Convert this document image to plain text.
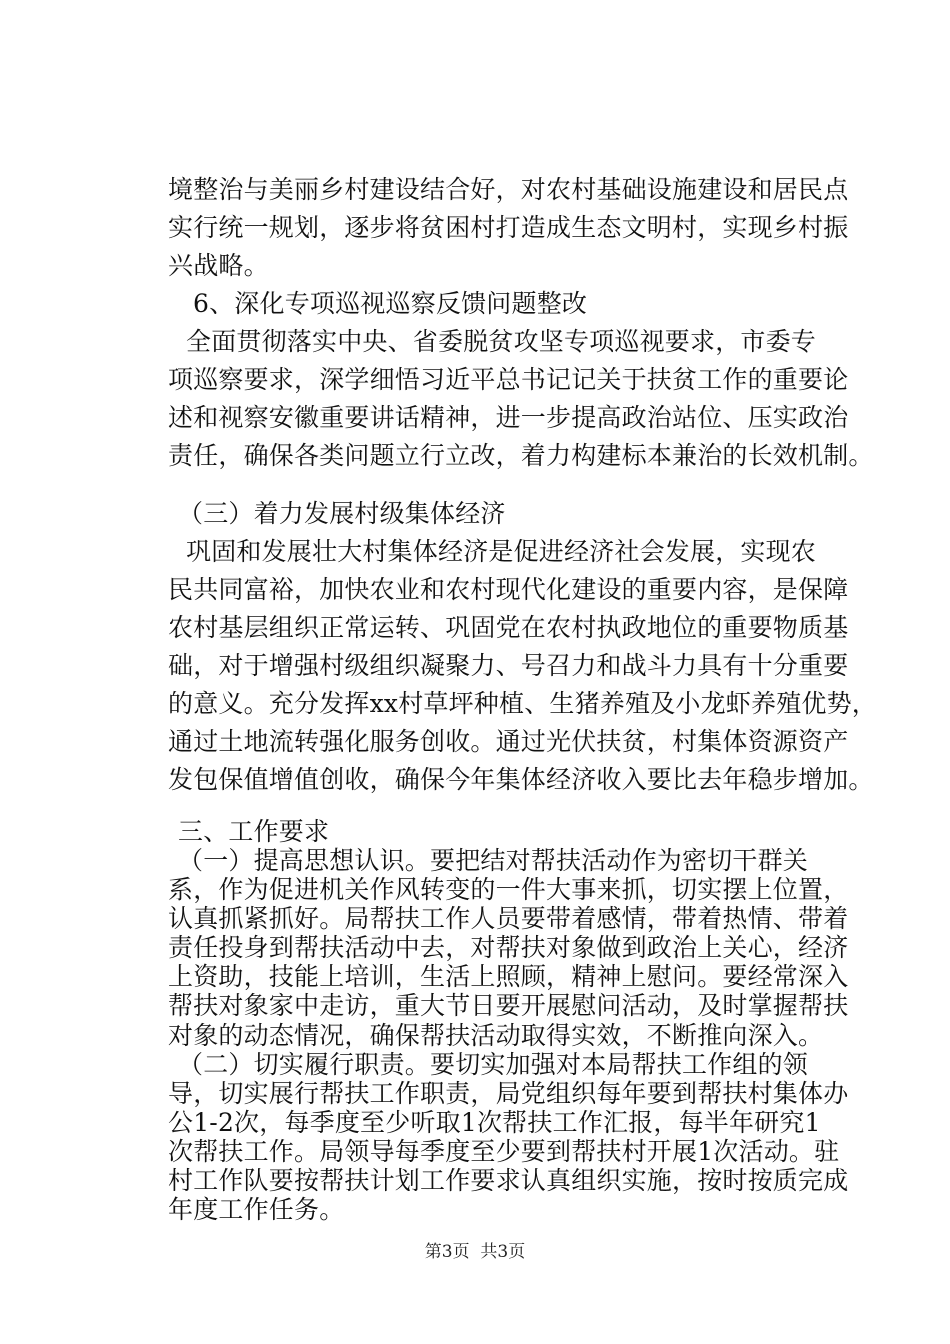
境整治与美丽乡村建设结合好，对农村基础设施建设和居民点
实行统一规划，逐步将贫困村打造成生态文明村，实现乡村振
兴战略。
6、深化专项巡视巡察反馈问题整改
全面贯彻落实中央、省委脱贫攻坚专项巡视要求，市委专
项巡察要求，深学细悟习近平总书记记关于扶贫工作的重要论
述和视察安徽重要讲话精神，进一步提高政治站位、压实政治
责任，确保各类问题立行立改，着力构建标本兼治的长效机制。
（三）着力发展村级集体经济
巩固和发展壮大村集体经济是促进经济社会发展，实现农
民共同富裕，加快农业和农村现代化建设的重要内容，是保障
农村基层组织正常运转、巩固党在农村执政地位的重要物质基
础，对于增强村级组织凝聚力、号召力和战斗力具有十分重要
的意义。充分发挥xx村草坪种植、生猪养殖及小龙虾养殖优势，
通过土地流转强化服务创收。通过光伏扶贫，村集体资源资产
发包保值增值创收，确保今年集体经济收入要比去年稳步增加。
三、工作要求
（一）提高思想认识。要把结对帮扶活动作为密切干群关
系，作为促进机关作风转变的一件大事来抓，切实摆上位置，
认真抓紧抓好。局帮扶工作人员要带着感情，带着热情、带着
责任投身到帮扶活动中去，对帮扶对象做到政治上关心，经济
上资助，技能上培训，生活上照顾，精神上慰问。要经常深入
帮扶对象家中走访，重大节日要开展慰问活动，及时掌握帮扶
对象的动态情况，确保帮扶活动取得实效，不断推向深入。
（二）切实履行职责。要切实加强对本局帮扶工作组的领
导，切实展行帮扶工作职责，局党组织每年要到帮扶村集体办
公1-2次，每季度至少听取1次帮扶工作汇报，每半年研究1
次帮扶工作。局领导每季度至少要到帮扶村开展1次活动。驻
村工作队要按帮扶计划工作要求认真组织实施，按时按质完成
年度工作任务。
第3页  共3页
